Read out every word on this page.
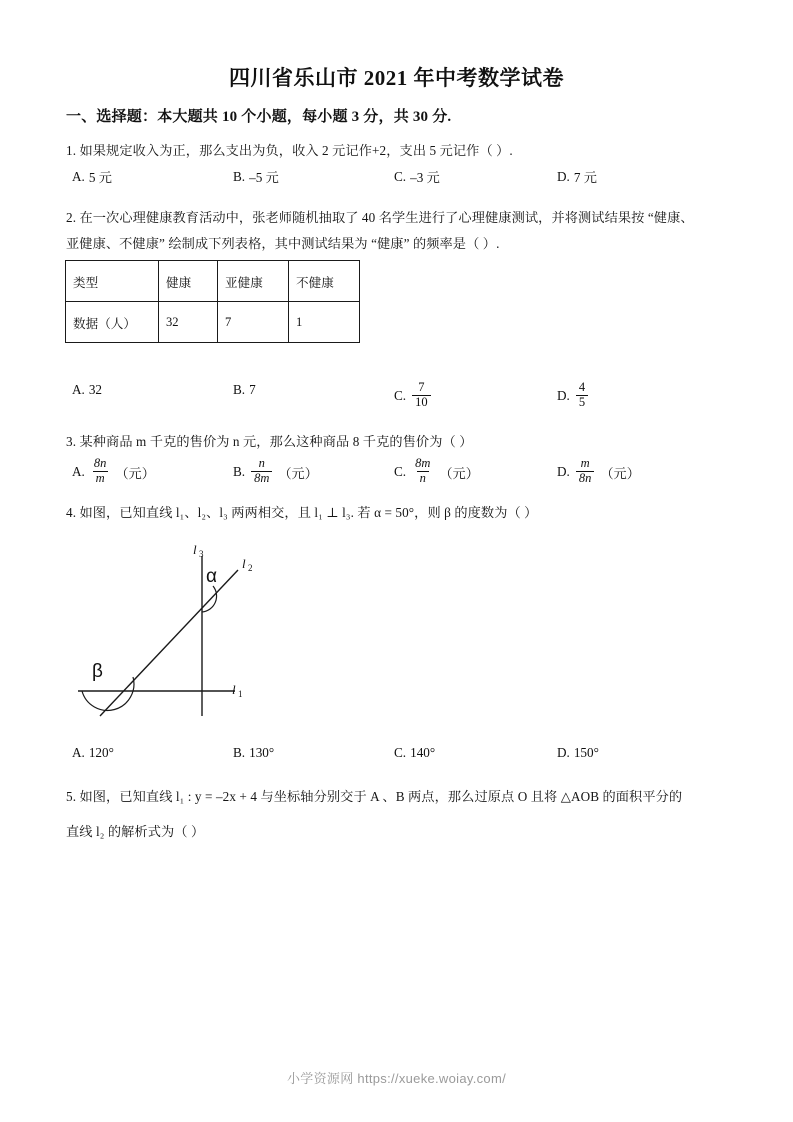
四川省乐山市 2021 年中考数学试卷
一、选择题：本大题共 10 个小题，每小题 3 分，共 30 分.
1. 如果规定收入为正，那么支出为负，收入 2 元记作+2，支出 5 元记作（ ）.
A. 5 元	B. –5 元	C. –3 元	D. 7 元
2. 在一次心理健康教育活动中，张老师随机抽取了 40 名学生进行了心理健康测试，并将测试结果按 “健康、
亚健康、不健康” 绘制成下列表格，其中测试结果为 “健康” 的频率是（ ）.
类型	健康	亚健康	不健康
数据（人）	32	7	1
A. 32	B. 7	C. $\frac{7}{10}$	D. $\frac{4}{5}$
3. 某种商品 m 千克的售价为 n 元，那么这种商品 8 千克的售价为（ ）
A. $\frac{8n}{m}$ （元）	B. $\frac{n}{8m}$ （元）	C. $\frac{8m}{n}$ （元）	D. $\frac{m}{8n}$ （元）
4. 如图，已知直线 l₁、l₂、l₃ 两两相交，且 l₁ ⊥ l₃. 若 α = 50°，则 β 的度数为（ ）
l 1
l 2
l 3
α
β
A. 120°	B. 130°	C. 140°	D. 150°
5. 如图，已知直线 l₁ : y = –2x + 4 与坐标轴分别交于 A 、B 两点，那么过原点 O 且将 △AOB 的面积平分的
直线 l₂ 的解析式为（ ）
小学资源网 https://xueke.woiay.com/
